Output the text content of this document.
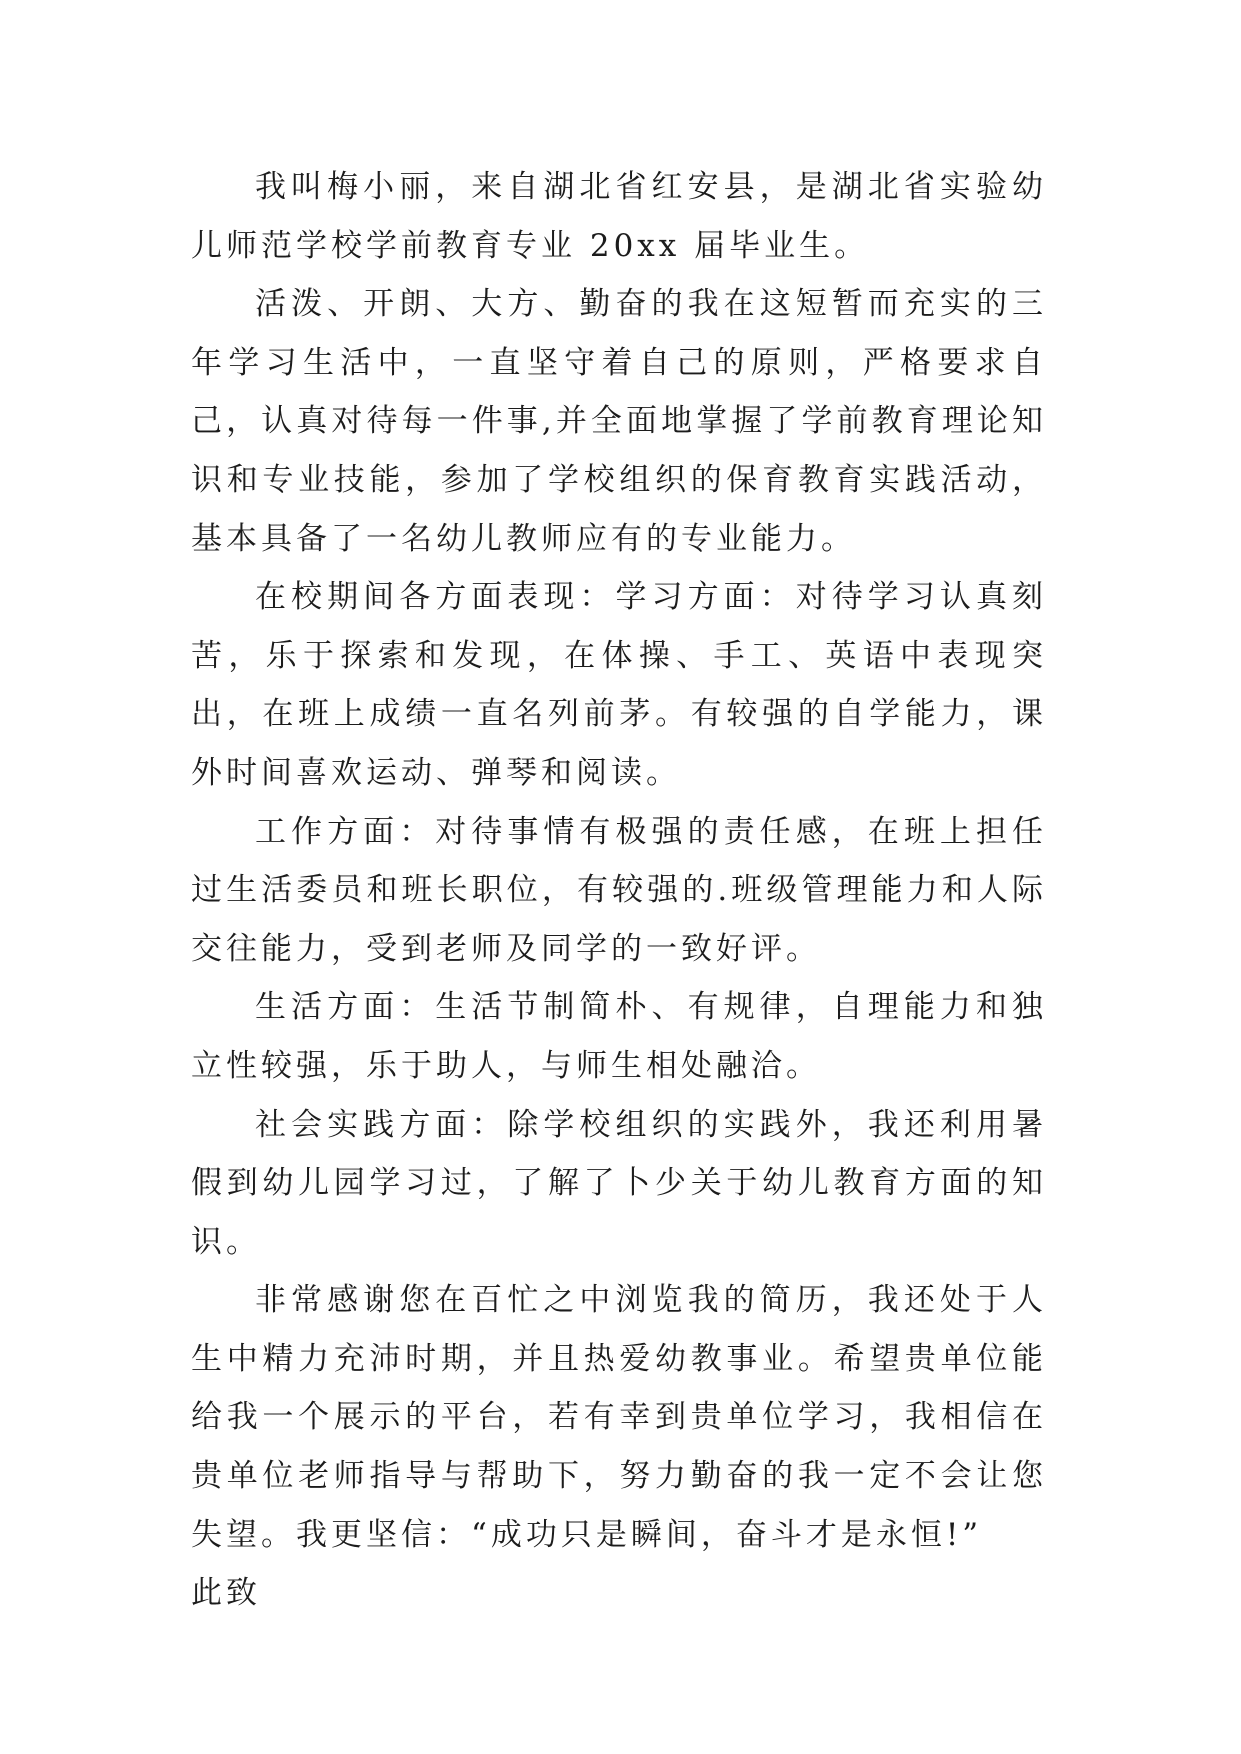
我叫梅小丽，来自湖北省红安县，是湖北省实验幼儿师范学校学前教育专业 20xx 届毕业生。

活泼、开朗、大方、勤奋的我在这短暂而充实的三年学习生活中，一直坚守着自己的原则，严格要求自己，认真对待每一件事,并全面地掌握了学前教育理论知识和专业技能，参加了学校组织的保育教育实践活动，基本具备了一名幼儿教师应有的专业能力。

在校期间各方面表现：学习方面：对待学习认真刻苦，乐于探索和发现，在体操、手工、英语中表现突出，在班上成绩一直名列前茅。有较强的自学能力，课外时间喜欢运动、弹琴和阅读。

工作方面：对待事情有极强的责任感，在班上担任过生活委员和班长职位，有较强的.班级管理能力和人际交往能力，受到老师及同学的一致好评。

生活方面：生活节制简朴、有规律，自理能力和独立性较强，乐于助人，与师生相处融洽。

社会实践方面：除学校组织的实践外，我还利用暑假到幼儿园学习过，了解了卜少关于幼儿教育方面的知识。

非常感谢您在百忙之中浏览我的简历，我还处于人生中精力充沛时期，并且热爱幼教事业。希望贵单位能给我一个展示的平台，若有幸到贵单位学习，我相信在贵单位老师指导与帮助下，努力勤奋的我一定不会让您失望。我更坚信：“成功只是瞬间，奋斗才是永恒!”

此致
